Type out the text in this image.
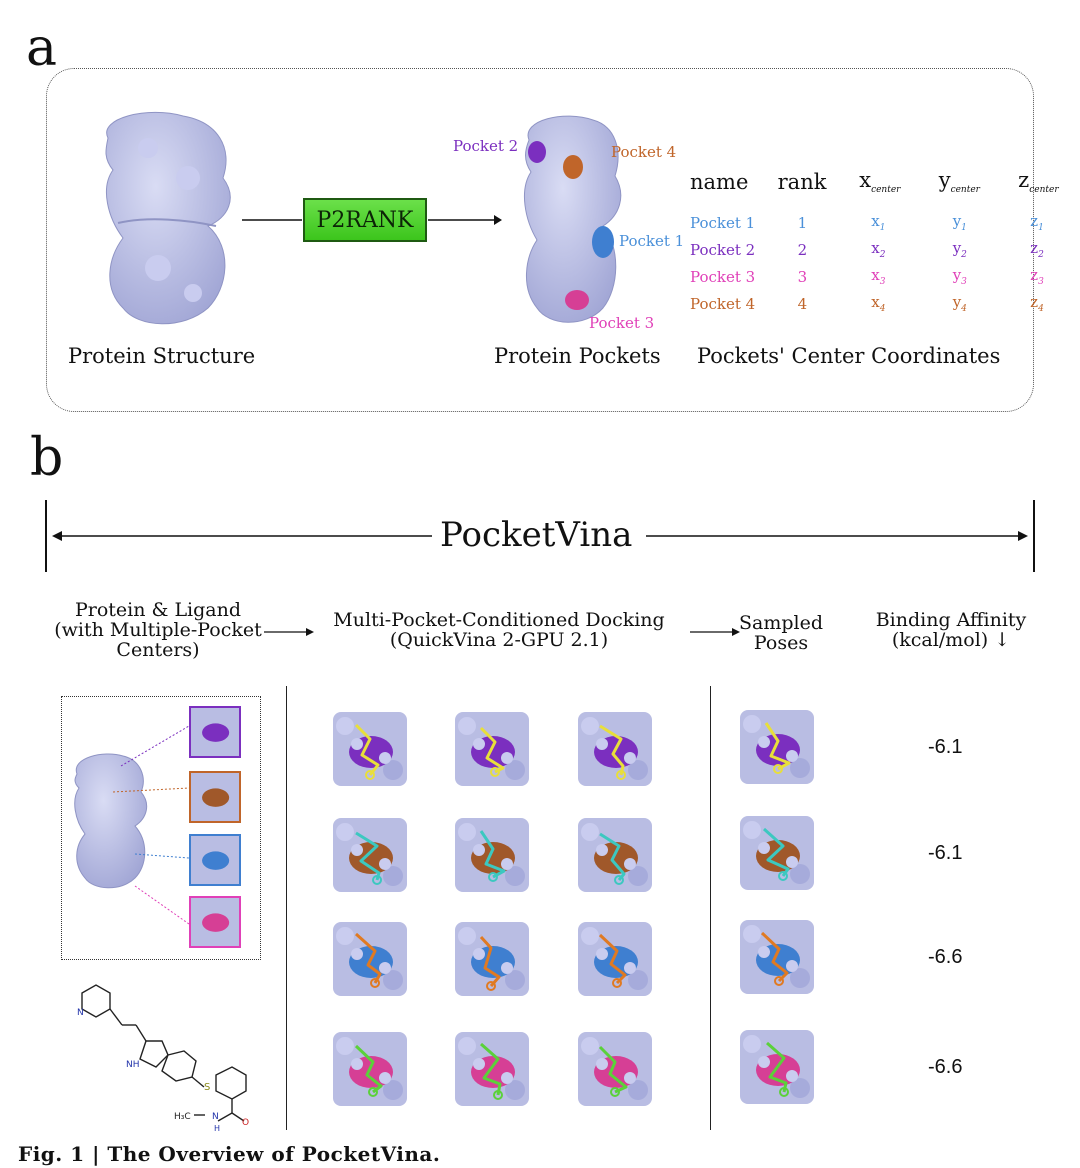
a
Protein Structure
P2RANK
Pocket 2	Pocket 4
Pocket 1
Pocket 3
Protein Pockets
name	rank	$x_{center}$	$y_{center}$	$z_{center}$
Pocket 1	1	$x_1$	$y_1$	$z_1$
Pocket 2	2	$x_2$	$y_2$	$z_2$
Pocket 3	3	$x_3$	$y_3$	$z_3$
Pocket 4	4	$x_4$	$y_4$	$z_4$
Pockets' Center Coordinates
b
PocketVina
Protein & Ligand
(with Multiple-Pocket
Centers)
Multi-Pocket-Conditioned Docking
(QuickVina 2-GPU 2.1)
Sampled
Poses
Binding Affinity
(kcal/mol) ↓
N
NH
S
O
N
H
H₃C
-6.1
-6.1
-6.6
-6.6
Fig. 1 | The Overview of PocketVina.
